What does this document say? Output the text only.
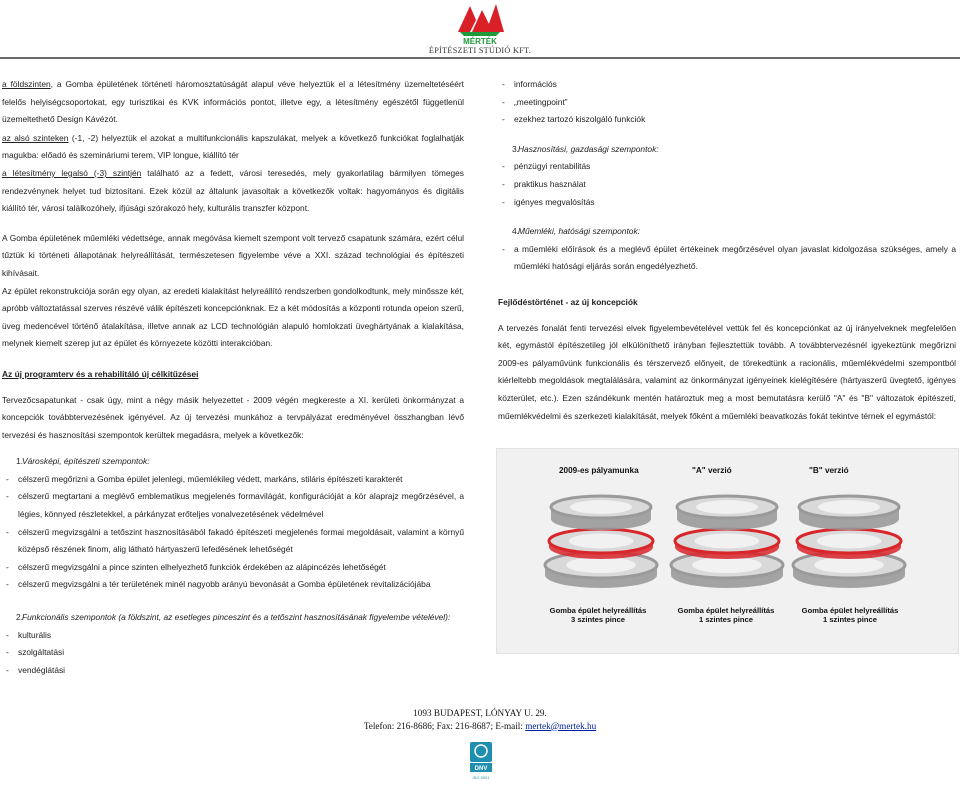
MÉRTÉK
ÉPÍTÉSZETI STÚDIÓ KFT.
a földszinten, a Gomba épületének történeti háromosztatúságát alapul véve helyeztük el a létesítmény üzemeltetéséért felelős helyiségcsoportokat, egy turisztikai és KVK információs pontot, illetve egy, a létesítmény egészétől függetlenül üzemeltethető Design Kávézót.
az alsó szinteken (-1, -2) helyeztük el azokat a multifunkcionális kapszulákat, melyek a következő funkciókat foglalhatják magukba: előadó és szemináriumi terem, VIP longue, kiállító tér
a létesítmény legalsó (-3) szintjén található az a fedett, városi teresedés, mely gyakorlatilag bármilyen tömeges rendezvénynek helyet tud biztosítani. Ezek közül az általunk javasoltak a következők voltak: hagyományos és digitális kiállító tér, városi találkozóhely, ifjúsági szórakozó hely, kulturális transzfer központ.
A Gomba épületének műemléki védettsége, annak megóvása kiemelt szempont volt tervező csapatunk számára, ezért célul tűztük ki történeti állapotának helyreállítását, természetesen figyelembe véve a XXI. század technológiai és építészeti kihívásait.
Az épület rekonstrukciója során egy olyan, az eredeti kialakítást helyreállító rendszerben gondolkodtunk, mely minőssze két, apróbb változtatással szerves részévé válik építészeti koncepciónknak. Ez a két módosítás a központi rotunda opeion szerű, üveg medencével történő átalakítása, illetve annak az LCD technológián alapuló homlokzati üveghártyának a kialakítása, melynek kiemelt szerep jut az épület és környezete közötti interakcióban.
Az új programterv és a rehabilitáló új célkitűzései
Tervezőcsapatunkat - csak úgy, mint a négy másik helyezettet - 2009 végén megkereste a XI. kerületi önkormányzat a koncepciók továbbtervezésének igényével. Az új tervezési munkához a tervpályázat eredményével összhangban lévő tervezési és hasznosítási szempontok kerültek megadásra, melyek a következők:
1. Városképi, építészeti szempontok:
-	célszerű megőrizni a Gomba épület jelenlegi, műemlékileg védett, markáns, stiláris építészeti karakterét
-	célszerű megtartani a meglévő emblematikus megjelenés formavilágát, konfigurációját a kör alaprajz megőrzésével, a légies, könnyed részletekkel, a párkányzat erőteljes vonalvezetésének védelmével
-	célszerű megvizsgálni a tetőszint hasznosításából fakadó építészeti megjelenés formai megoldásait, valamint a környű középső részének finom, alig látható hártyaszerű lefedésének lehetőségét
-	célszerű megvizsgálni a pince szinten elhelyezhető funkciók érdekében az alápincézés lehetőségét
-	célszerű megvizsgálni a tér területének minél nagyobb arányú bevonását a Gomba épületének revitalizációjába
2. Funkcionális szempontok (a földszint, az esetleges pinceszint és a tetőszint hasznosításának figyelembe vételével):
-	kulturális
-	szolgáltatási
-	vendéglátási
-	információs
-	„meetingpoint”
-	ezekhez tartozó kiszolgáló funkciók
3. Hasznosítási, gazdasági szempontok:
-	pénzügyi rentabilitás
-	praktikus használat
-	igényes megvalósítás
4. Műemléki, hatósági szempontok:
-	a műemléki előírások és a meglévő épület értékeinek megőrzésével olyan javaslat kidolgozása szükséges, amely a műemléki hatósági eljárás során engedélyezhető.
Fejlődéstörténet - az új koncepciók
A tervezés fonalát fenti tervezési elvek figyelembevételével vettük fel és koncepciónkat az új irányelveknek megfelelően két, egymástól építészetileg jól elkülöníthető irányban fejlesztettük tovább. A továbbtervezésnél igyekeztünk megőrizni 2009-es pályaművünk funkcionális és térszervező előnyeit, de törekedtünk a racionális, műemlékvédelmi szempontból kiérleltebb megoldások megtalálására, valamint az önkormányzat igényeinek kielégítésére (hártyaszerű üvegtető, igényes közterület, etc.). Ezen szándékunk mentén határoztuk meg a most bemutatásra kerülő "A" és "B" változatok építészeti, műemlékvédelmi és szerkezeti kialakítását, melyek főként a műemléki beavatkozás fokát tekintve térnek el egymástól:
2009-es pályamunka	"A" verzió	"B" verzió
Gomba épület helyreállítás
3 szintes pince
Gomba épület helyreállítás
1 szintes pince
Gomba épület helyreállítás
1 szintes pince
1093 BUDAPEST, LÓNYAY U. 29.
Telefon: 216-8686; Fax: 216-8687; E-mail: mertek@mertek.hu
DNV
ISO 9001
